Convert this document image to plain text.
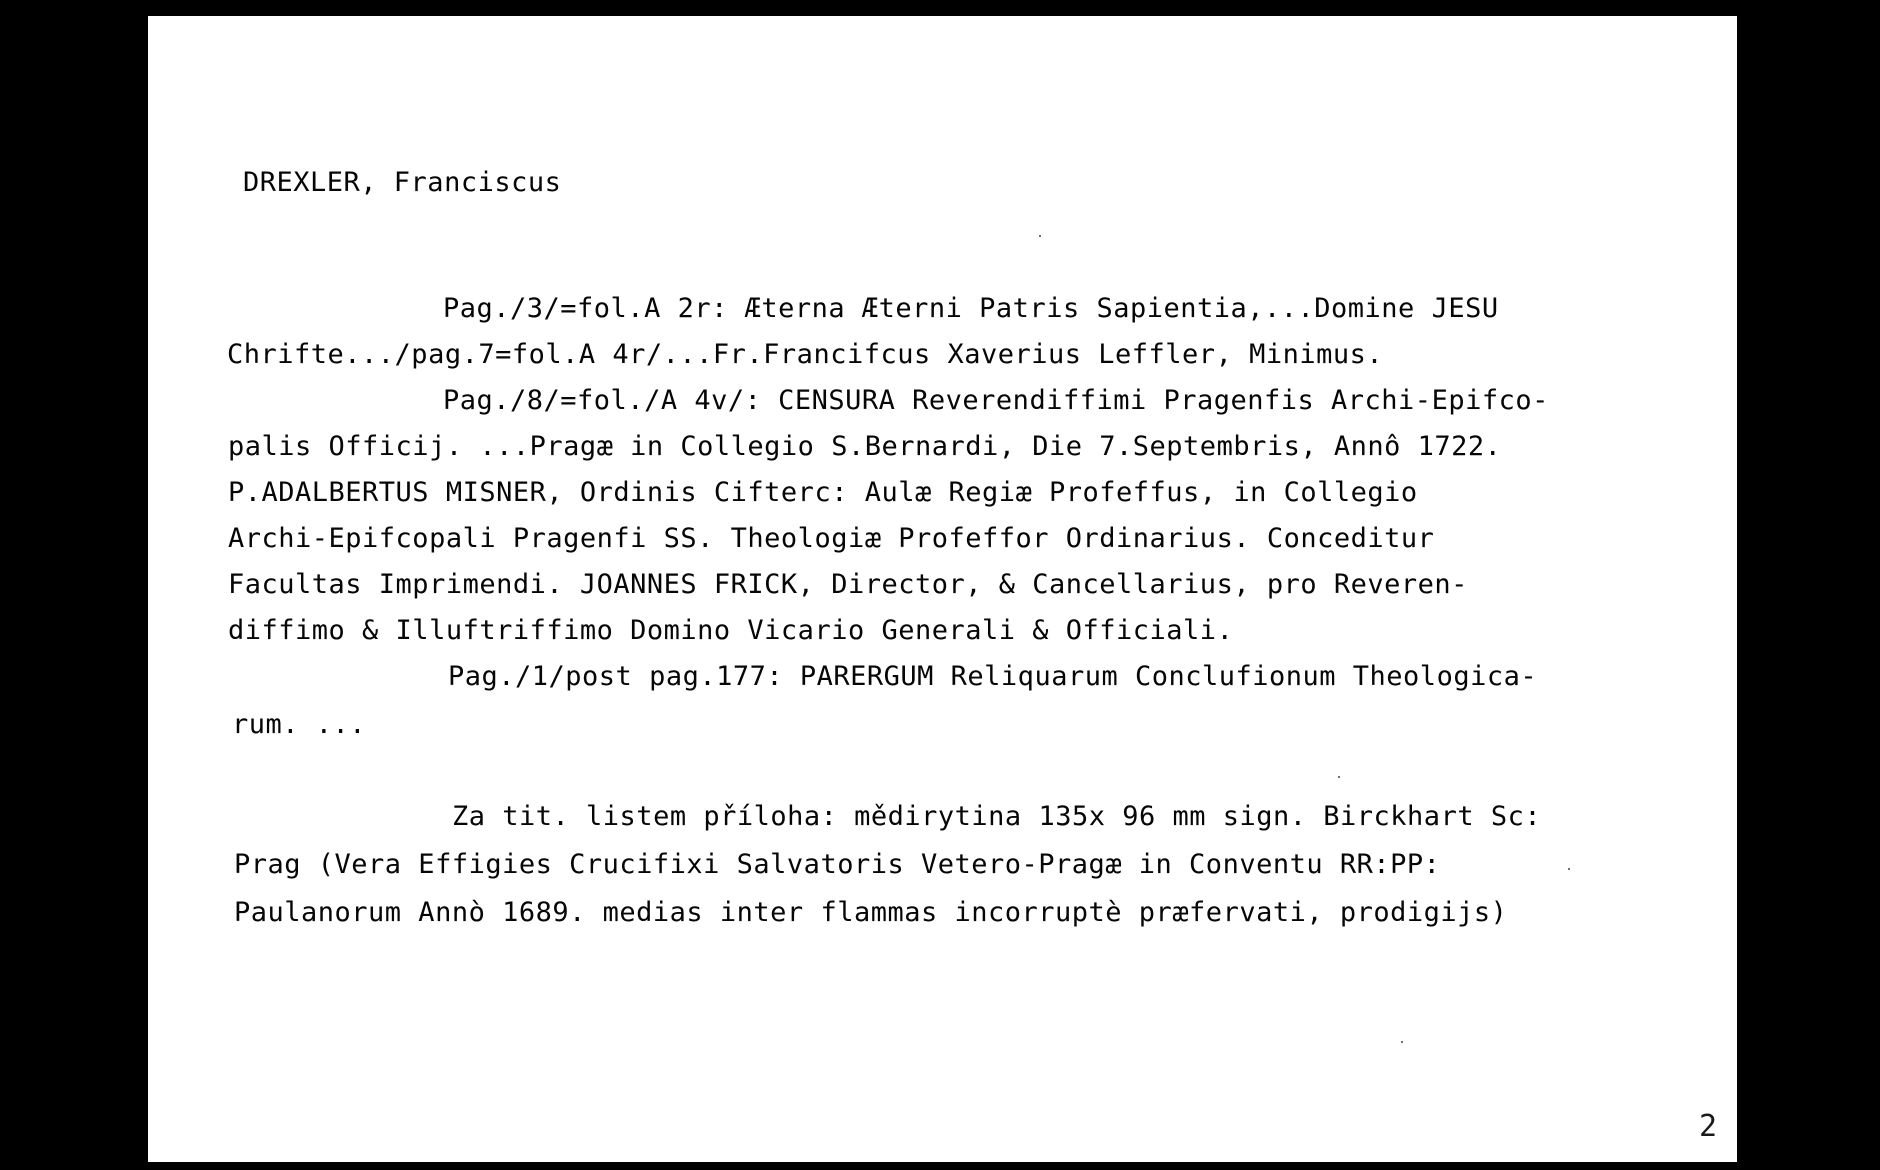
DREXLER, Franciscus

Pag./3/=fol.A 2r: Æterna Æterni Patris Sapientia,...Domine JESU

Chrifte.../pag.7=fol.A 4r/...Fr.Francifcus Xaverius Leffler, Minimus.

Pag./8/=fol./A 4v/: CENSURA Reverendiffimi Pragenfis Archi-Epifco-

palis Officij. ...Pragæ in Collegio S.Bernardi, Die 7.Septembris, Annô 1722.

P.ADALBERTUS MISNER, Ordinis Cifterc: Aulæ Regiæ Profeffus, in Collegio

Archi-Epifcopali Pragenfi SS. Theologiæ Profeffor Ordinarius. Conceditur

Facultas Imprimendi. JOANNES FRICK, Director, & Cancellarius, pro Reveren-

diffimo & Illuftriffimo Domino Vicario Generali & Officiali.

Pag./1/post pag.177: PARERGUM Reliquarum Conclufionum Theologica-

rum. ...

Za tit. listem příloha: mědirytina 135x 96 mm sign. Birckhart Sc:

Prag (Vera Effigies Crucifixi Salvatoris Vetero-Pragæ in Conventu RR:PP:

Paulanorum Annò 1689. medias inter flammas incorruptè præfervati, prodigijs)

2
